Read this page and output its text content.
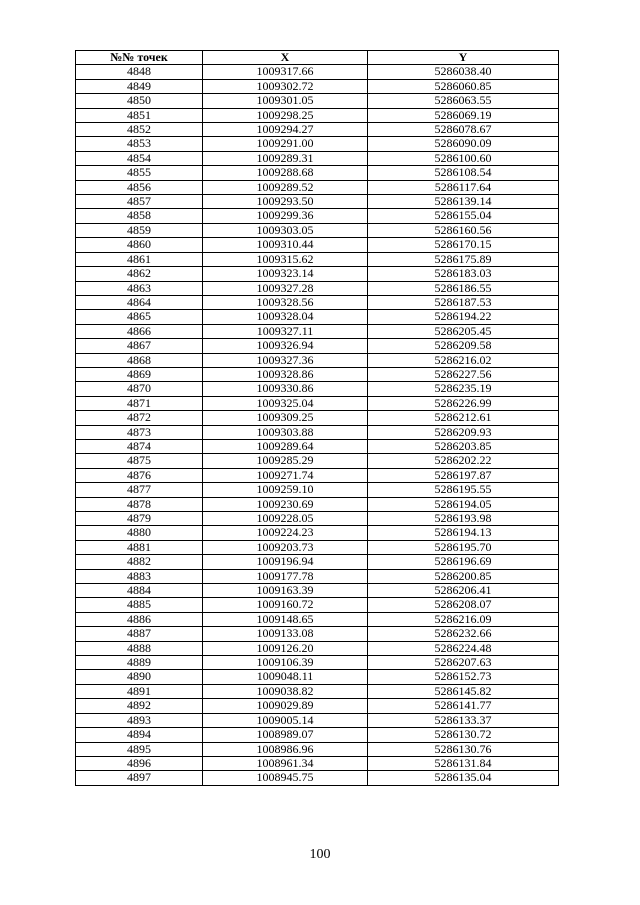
№№ точек	X	Y
4848	1009317.66	5286038.40
4849	1009302.72	5286060.85
4850	1009301.05	5286063.55
4851	1009298.25	5286069.19
4852	1009294.27	5286078.67
4853	1009291.00	5286090.09
4854	1009289.31	5286100.60
4855	1009288.68	5286108.54
4856	1009289.52	5286117.64
4857	1009293.50	5286139.14
4858	1009299.36	5286155.04
4859	1009303.05	5286160.56
4860	1009310.44	5286170.15
4861	1009315.62	5286175.89
4862	1009323.14	5286183.03
4863	1009327.28	5286186.55
4864	1009328.56	5286187.53
4865	1009328.04	5286194.22
4866	1009327.11	5286205.45
4867	1009326.94	5286209.58
4868	1009327.36	5286216.02
4869	1009328.86	5286227.56
4870	1009330.86	5286235.19
4871	1009325.04	5286226.99
4872	1009309.25	5286212.61
4873	1009303.88	5286209.93
4874	1009289.64	5286203.85
4875	1009285.29	5286202.22
4876	1009271.74	5286197.87
4877	1009259.10	5286195.55
4878	1009230.69	5286194.05
4879	1009228.05	5286193.98
4880	1009224.23	5286194.13
4881	1009203.73	5286195.70
4882	1009196.94	5286196.69
4883	1009177.78	5286200.85
4884	1009163.39	5286206.41
4885	1009160.72	5286208.07
4886	1009148.65	5286216.09
4887	1009133.08	5286232.66
4888	1009126.20	5286224.48
4889	1009106.39	5286207.63
4890	1009048.11	5286152.73
4891	1009038.82	5286145.82
4892	1009029.89	5286141.77
4893	1009005.14	5286133.37
4894	1008989.07	5286130.72
4895	1008986.96	5286130.76
4896	1008961.34	5286131.84
4897	1008945.75	5286135.04
100
